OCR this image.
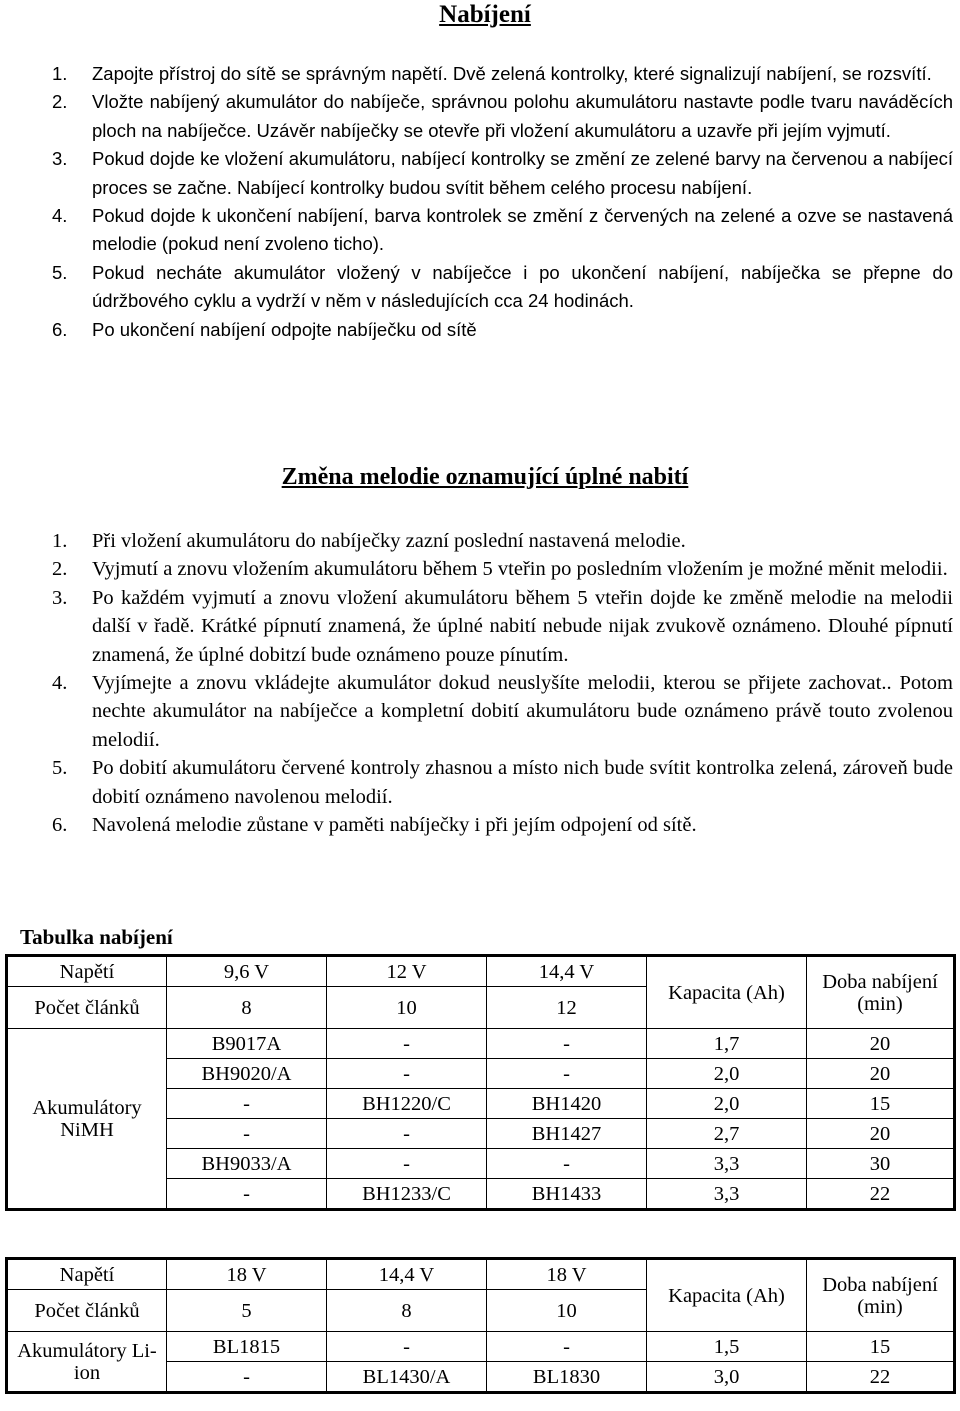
Nabíjení
1. Zapojte přístroj do sítě se správným napětí. Dvě zelená kontrolky, které signalizují nabíjení, se rozsvítí.
2. Vložte nabíjený akumulátor do nabíječe, správnou polohu akumulátoru nastavte podle tvaru naváděcích ploch na nabíječce. Uzávěr nabíječky se otevře při vložení akumulátoru a uzavře při jejím vyjmutí.
3. Pokud dojde ke vložení akumulátoru, nabíjecí kontrolky se změní ze zelené barvy na červenou a nabíjecí proces se začne. Nabíjecí kontrolky budou svítit během celého procesu nabíjení.
4. Pokud dojde k ukončení nabíjení, barva kontrolek se změní z červených na zelené a ozve se nastavená melodie (pokud není zvoleno ticho).
5. Pokud necháte akumulátor vložený v nabíječce i po ukončení nabíjení, nabíječka se přepne do údržbového cyklu a vydrží v něm v následujících cca 24 hodinách.
6. Po ukončení nabíjení odpojte nabíječku od sítě
Změna melodie oznamující úplné nabití
1. Při vložení akumulátoru do nabíječky zazní poslední nastavená melodie.
2. Vyjmutí a znovu vložením akumulátoru během 5 vteřin po posledním vložením je možné měnit melodii.
3. Po každém vyjmutí a znovu vložení akumulátoru během 5 vteřin dojde ke změně melodie na melodii další v řadě. Krátké pípnutí znamená, že úplné nabití nebude nijak zvukově oznámeno. Dlouhé pípnutí znamená, že úplné dobitzí bude oznámeno pouze pínutím.
4. Vyjímejte a znovu vkládejte akumulátor dokud neuslyšíte melodii, kterou se přijete zachovat.. Potom nechte akumulátor na nabíječce a kompletní dobití akumulátoru bude oznámeno právě touto zvolenou melodií.
5. Po dobití akumulátoru červené kontroly zhasnou a místo nich bude svítit kontrolka zelená, zároveň bude dobití oznámeno navolenou melodií.
6. Navolená melodie zůstane v paměti nabíječky i při jejím odpojení od sítě.
Tabulka nabíjení
Napětí	9,6 V	12 V	14,4 V	Kapacita (Ah)	Doba nabíjení (min)
Počet článků	8	10	12		
Akumulátory NiMH	B9017A	-	-	1,7	20
	BH9020/A	-	-	2,0	20
	-	BH1220/C	BH1420	2,0	15
	-	-	BH1427	2,7	20
	BH9033/A	-	-	3,3	30
	-	BH1233/C	BH1433	3,3	22
Napětí	18 V	14,4 V	18 V	Kapacita (Ah)	Doba nabíjení (min)
Počet článků	5	8	10		
Akumulátory Li-ion	BL1815	-	-	1,5	15
	-	BL1430/A	BL1830	3,0	22
